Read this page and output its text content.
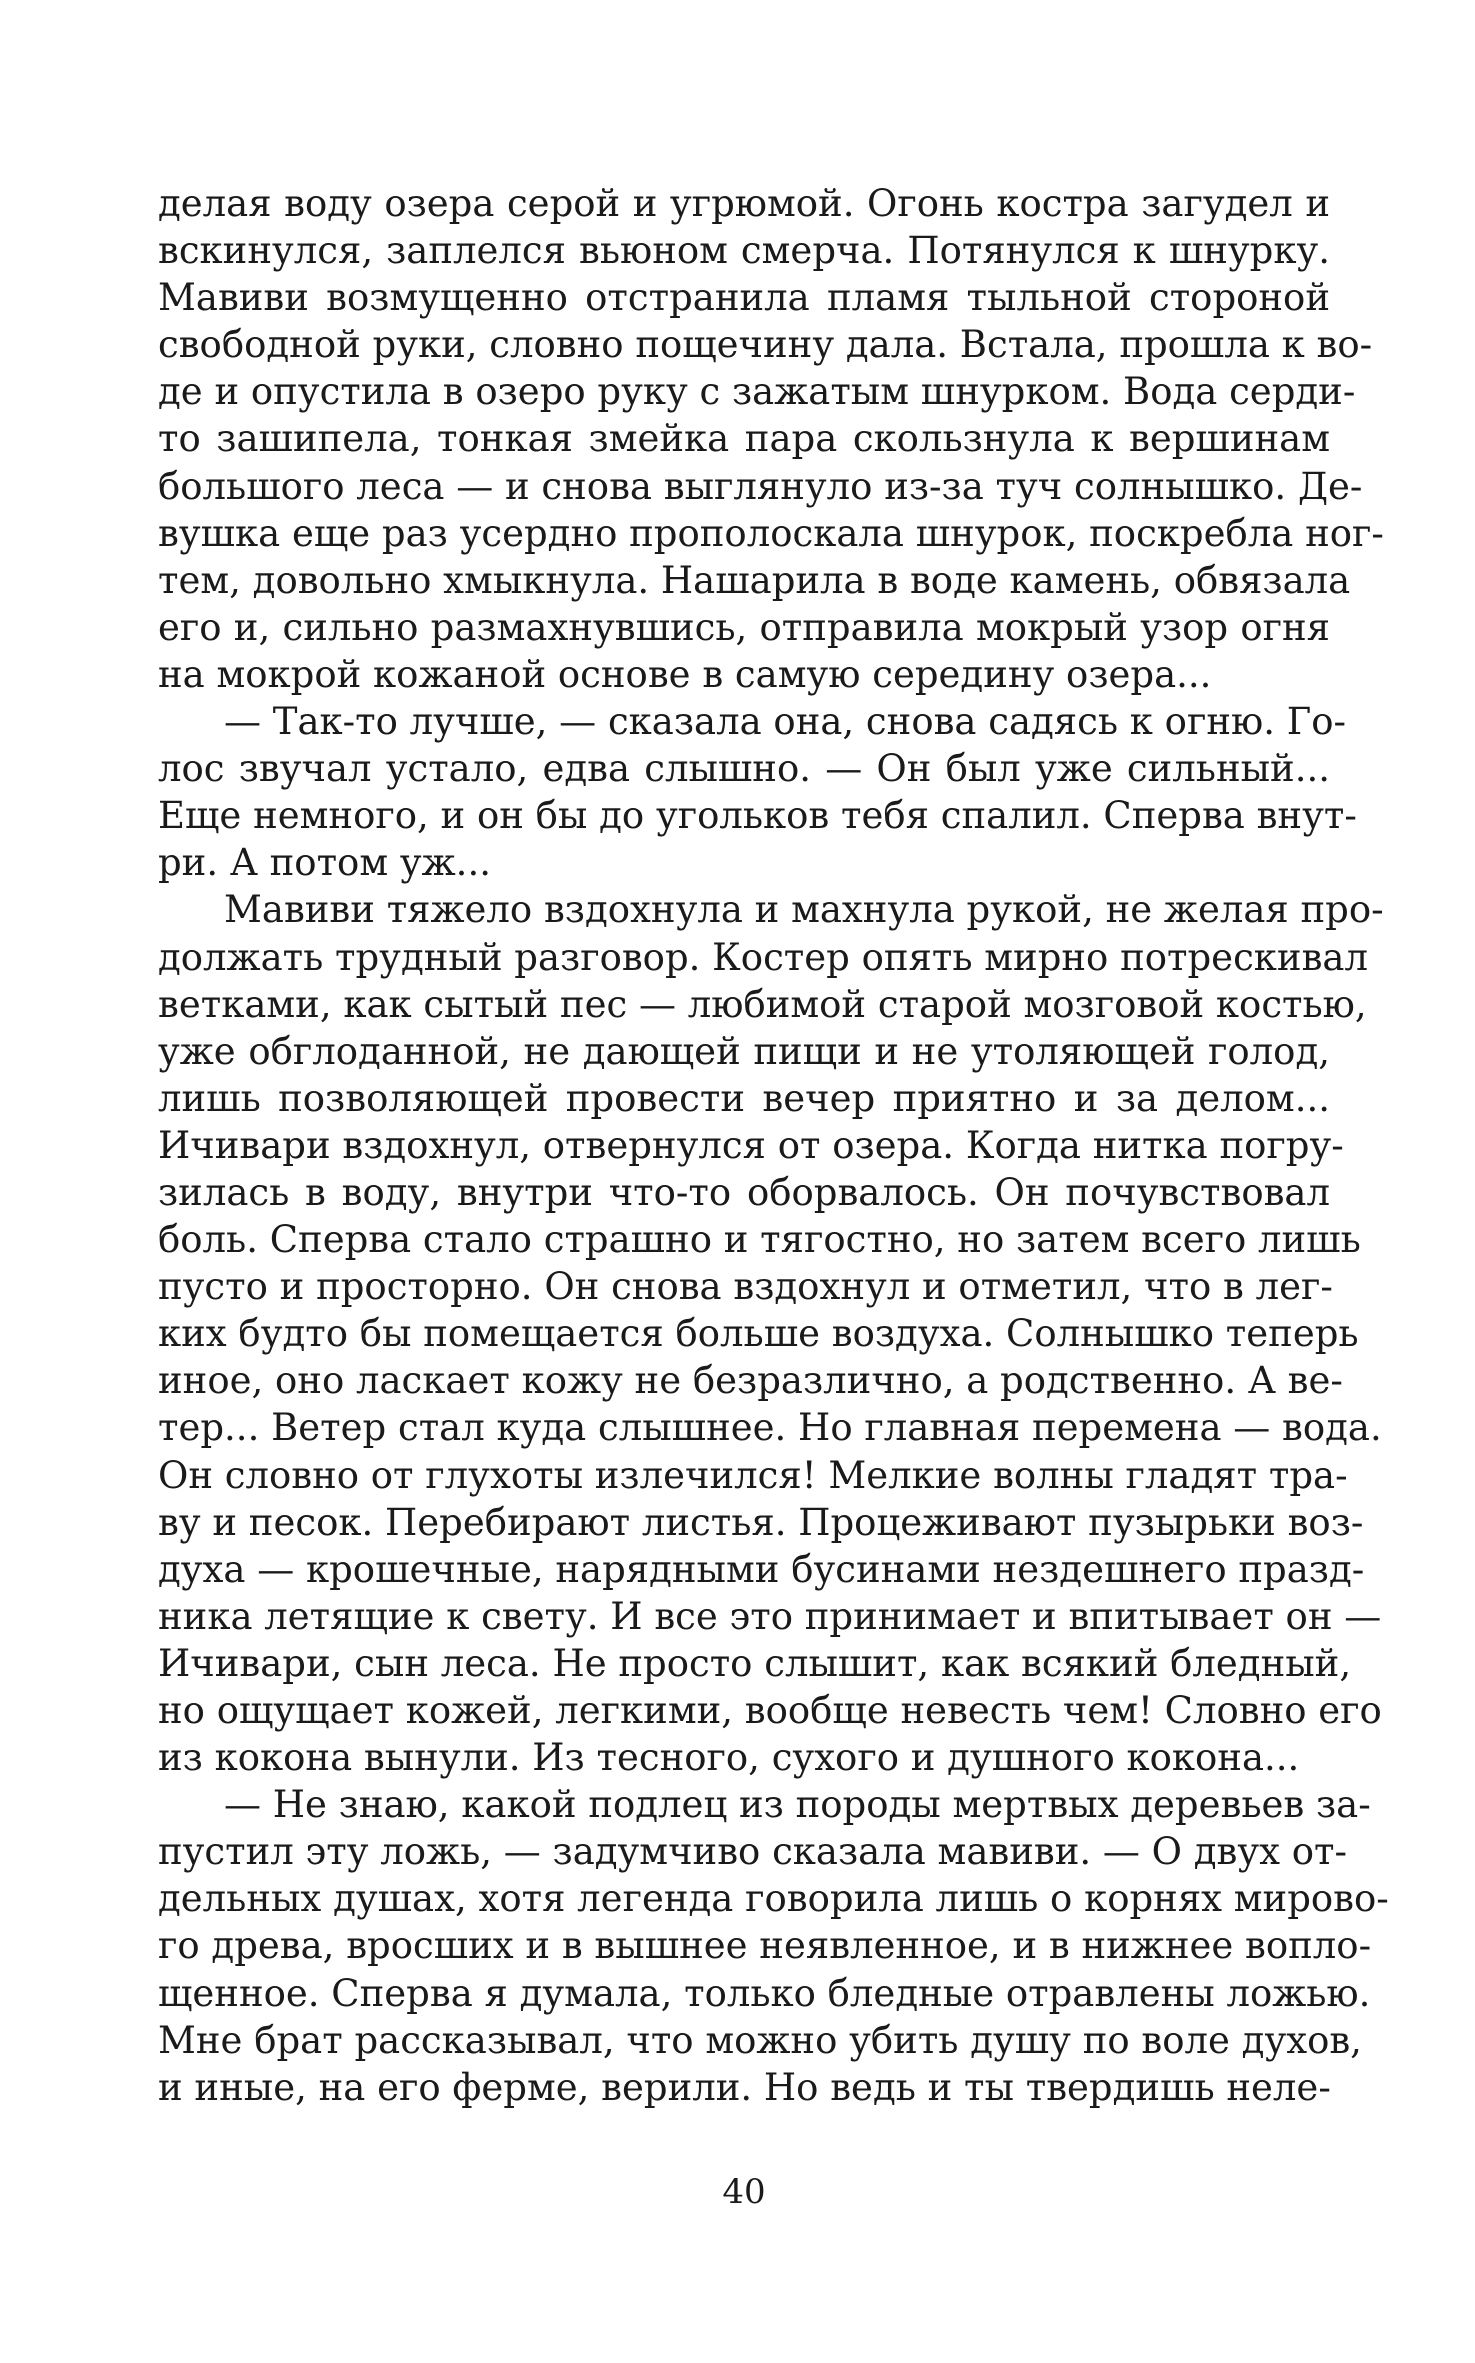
делая воду озера серой и угрюмой. Огонь костра загудел и
вскинулся, заплелся вьюном смерча. Потянулся к шнурку.
Мавиви возмущенно отстранила пламя тыльной стороной
свободной руки, словно пощечину дала. Встала, прошла к во-
де и опустила в озеро руку с зажатым шнурком. Вода серди-
то зашипела, тонкая змейка пара скользнула к вершинам
большого леса — и снова выглянуло из-за туч солнышко. Де-
вушка еще раз усердно прополоскала шнурок, поскребла ног-
тем, довольно хмыкнула. Нашарила в воде камень, обвязала
его и, сильно размахнувшись, отправила мокрый узор огня
на мокрой кожаной основе в самую середину озера...
— Так-то лучше, — сказала она, снова садясь к огню. Го-
лос звучал устало, едва слышно. — Он был уже сильный...
Еще немного, и он бы до угольков тебя спалил. Сперва внут-
ри. А потом уж...
Мавиви тяжело вздохнула и махнула рукой, не желая про-
должать трудный разговор. Костер опять мирно потрескивал
ветками, как сытый пес — любимой старой мозговой костью,
уже обглоданной, не дающей пищи и не утоляющей голод,
лишь позволяющей провести вечер приятно и за делом...
Ичивари вздохнул, отвернулся от озера. Когда нитка погру-
зилась в воду, внутри что-то оборвалось. Он почувствовал
боль. Сперва стало страшно и тягостно, но затем всего лишь
пусто и просторно. Он снова вздохнул и отметил, что в лег-
ких будто бы помещается больше воздуха. Солнышко теперь
иное, оно ласкает кожу не безразлично, а родственно. А ве-
тер... Ветер стал куда слышнее. Но главная перемена — вода.
Он словно от глухоты излечился! Мелкие волны гладят тра-
ву и песок. Перебирают листья. Процеживают пузырьки воз-
духа — крошечные, нарядными бусинами нездешнего празд-
ника летящие к свету. И все это принимает и впитывает он —
Ичивари, сын леса. Не просто слышит, как всякий бледный,
но ощущает кожей, легкими, вообще невесть чем! Словно его
из кокона вынули. Из тесного, сухого и душного кокона...
— Не знаю, какой подлец из породы мертвых деревьев за-
пустил эту ложь, — задумчиво сказала мавиви. — О двух от-
дельных душах, хотя легенда говорила лишь о корнях мирово-
го древа, вросших и в вышнее неявленное, и в нижнее вопло-
щенное. Сперва я думала, только бледные отравлены ложью.
Мне брат рассказывал, что можно убить душу по воле духов,
и иные, на его ферме, верили. Но ведь и ты твердишь неле-
40
